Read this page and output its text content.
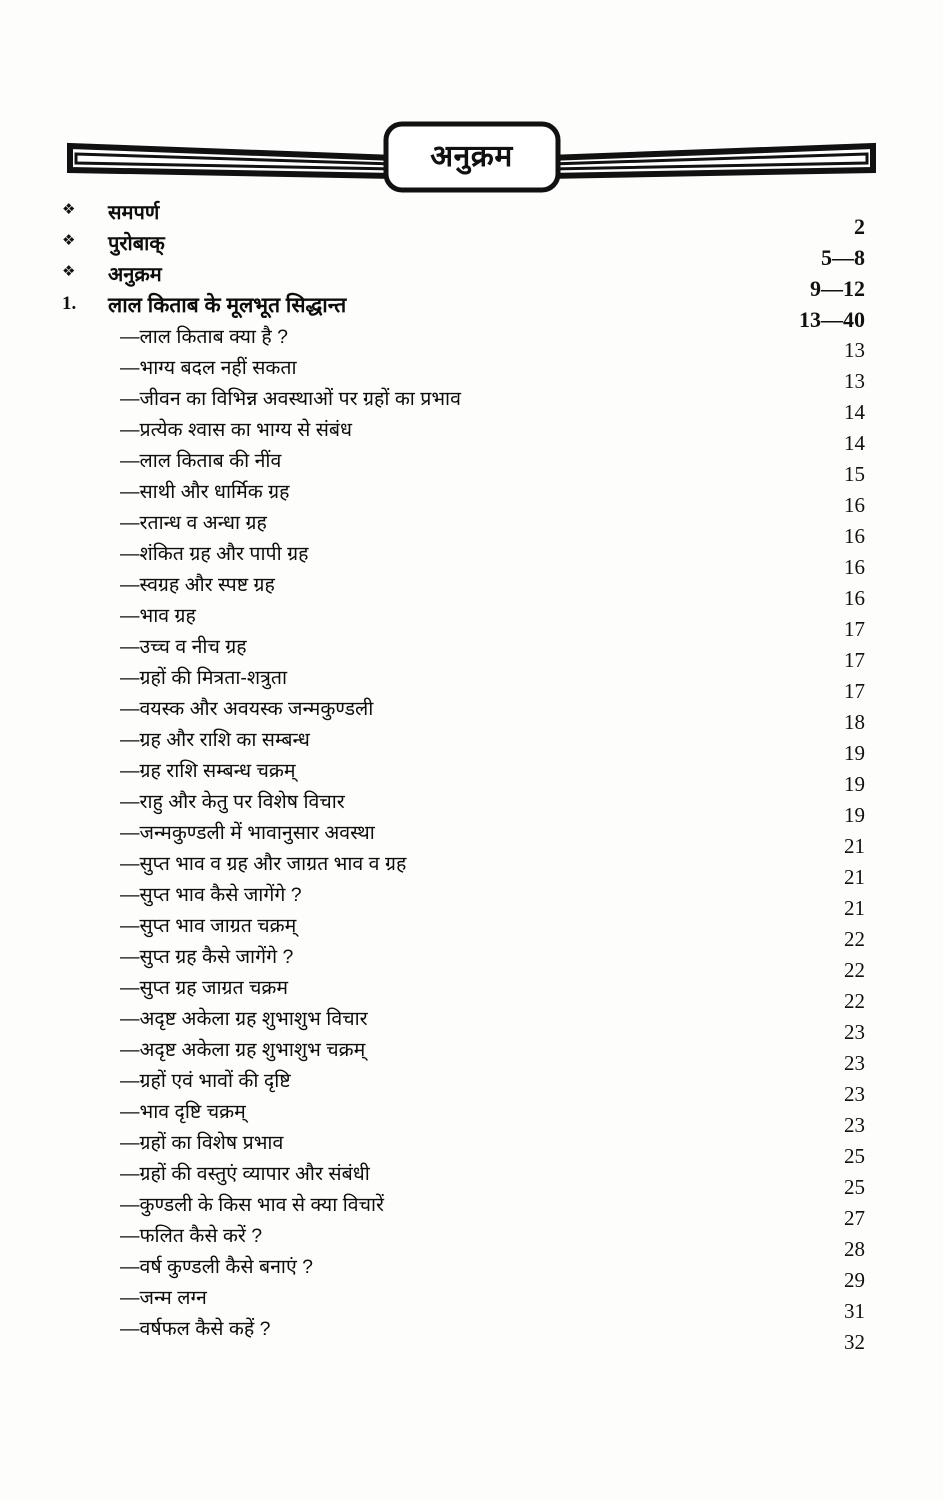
अनुक्रम
❖ समपर्ण
2
❖ पुरोबाक्
5—8
❖ अनुक्रम
9—12
1. लाल किताब के मूलभूत सिद्धान्त
13—40
—लाल किताब क्या है ?
13
—भाग्य बदल नहीं सकता
13
—जीवन का विभिन्न अवस्थाओं पर ग्रहों का प्रभाव
14
—प्रत्येक श्वास का भाग्य से संबंध
14
—लाल किताब की नींव
15
—साथी और धार्मिक ग्रह
16
—रतान्ध व अन्धा ग्रह
16
—शंकित ग्रह और पापी ग्रह
16
—स्वग्रह और स्पष्ट ग्रह
16
—भाव ग्रह
17
—उच्च व नीच ग्रह
17
—ग्रहों की मित्रता-शत्रुता
17
—वयस्क और अवयस्क जन्मकुण्डली
18
—ग्रह और राशि का सम्बन्ध
19
—ग्रह राशि सम्बन्ध चक्रम्
19
—राहु और केतु पर विशेष विचार
19
—जन्मकुण्डली में भावानुसार अवस्था
21
—सुप्त भाव व ग्रह और जाग्रत भाव व ग्रह
21
—सुप्त भाव कैसे जागेंगे ?
21
—सुप्त भाव जाग्रत चक्रम्
22
—सुप्त ग्रह कैसे जागेंगे ?
22
—सुप्त ग्रह जाग्रत चक्रम
22
—अदृष्ट अकेला ग्रह शुभाशुभ विचार
23
—अदृष्ट अकेला ग्रह शुभाशुभ चक्रम्
23
—ग्रहों एवं भावों की दृष्टि
23
—भाव दृष्टि चक्रम्
23
—ग्रहों का विशेष प्रभाव
25
—ग्रहों की वस्तुएं व्यापार और संबंधी
25
—कुण्डली के किस भाव से क्या विचारें
27
—फलित कैसे करें ?
28
—वर्ष कुण्डली कैसे बनाएं ?
29
—जन्म लग्न
31
—वर्षफल कैसे कहें ?
32
